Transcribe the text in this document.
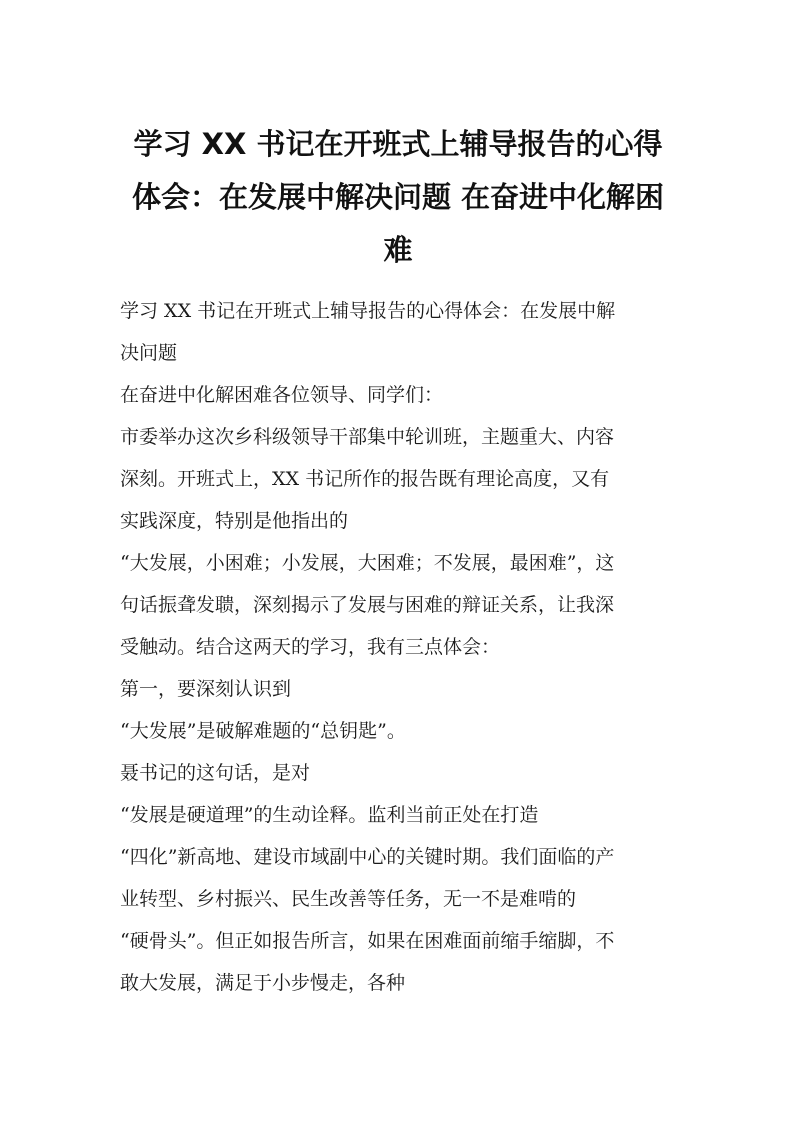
学习 XX 书记在开班式上辅导报告的心得
体会：在发展中解决问题 在奋进中化解困
难
学习 XX 书记在开班式上辅导报告的心得体会：在发展中解
决问题
在奋进中化解困难各位领导、同学们：
市委举办这次乡科级领导干部集中轮训班，主题重大、内容
深刻。开班式上，XX 书记所作的报告既有理论高度，又有
实践深度，特别是他指出的
“大发展，小困难；小发展，大困难；不发展，最困难”，这
句话振聋发聩，深刻揭示了发展与困难的辩证关系，让我深
受触动。结合这两天的学习，我有三点体会：
第一，要深刻认识到
“大发展”是破解难题的“总钥匙”。
聂书记的这句话，是对
“发展是硬道理”的生动诠释。监利当前正处在打造
“四化”新高地、建设市域副中心的关键时期。我们面临的产
业转型、乡村振兴、民生改善等任务，无一不是难啃的
“硬骨头”。但正如报告所言，如果在困难面前缩手缩脚，不
敢大发展，满足于小步慢走，各种
